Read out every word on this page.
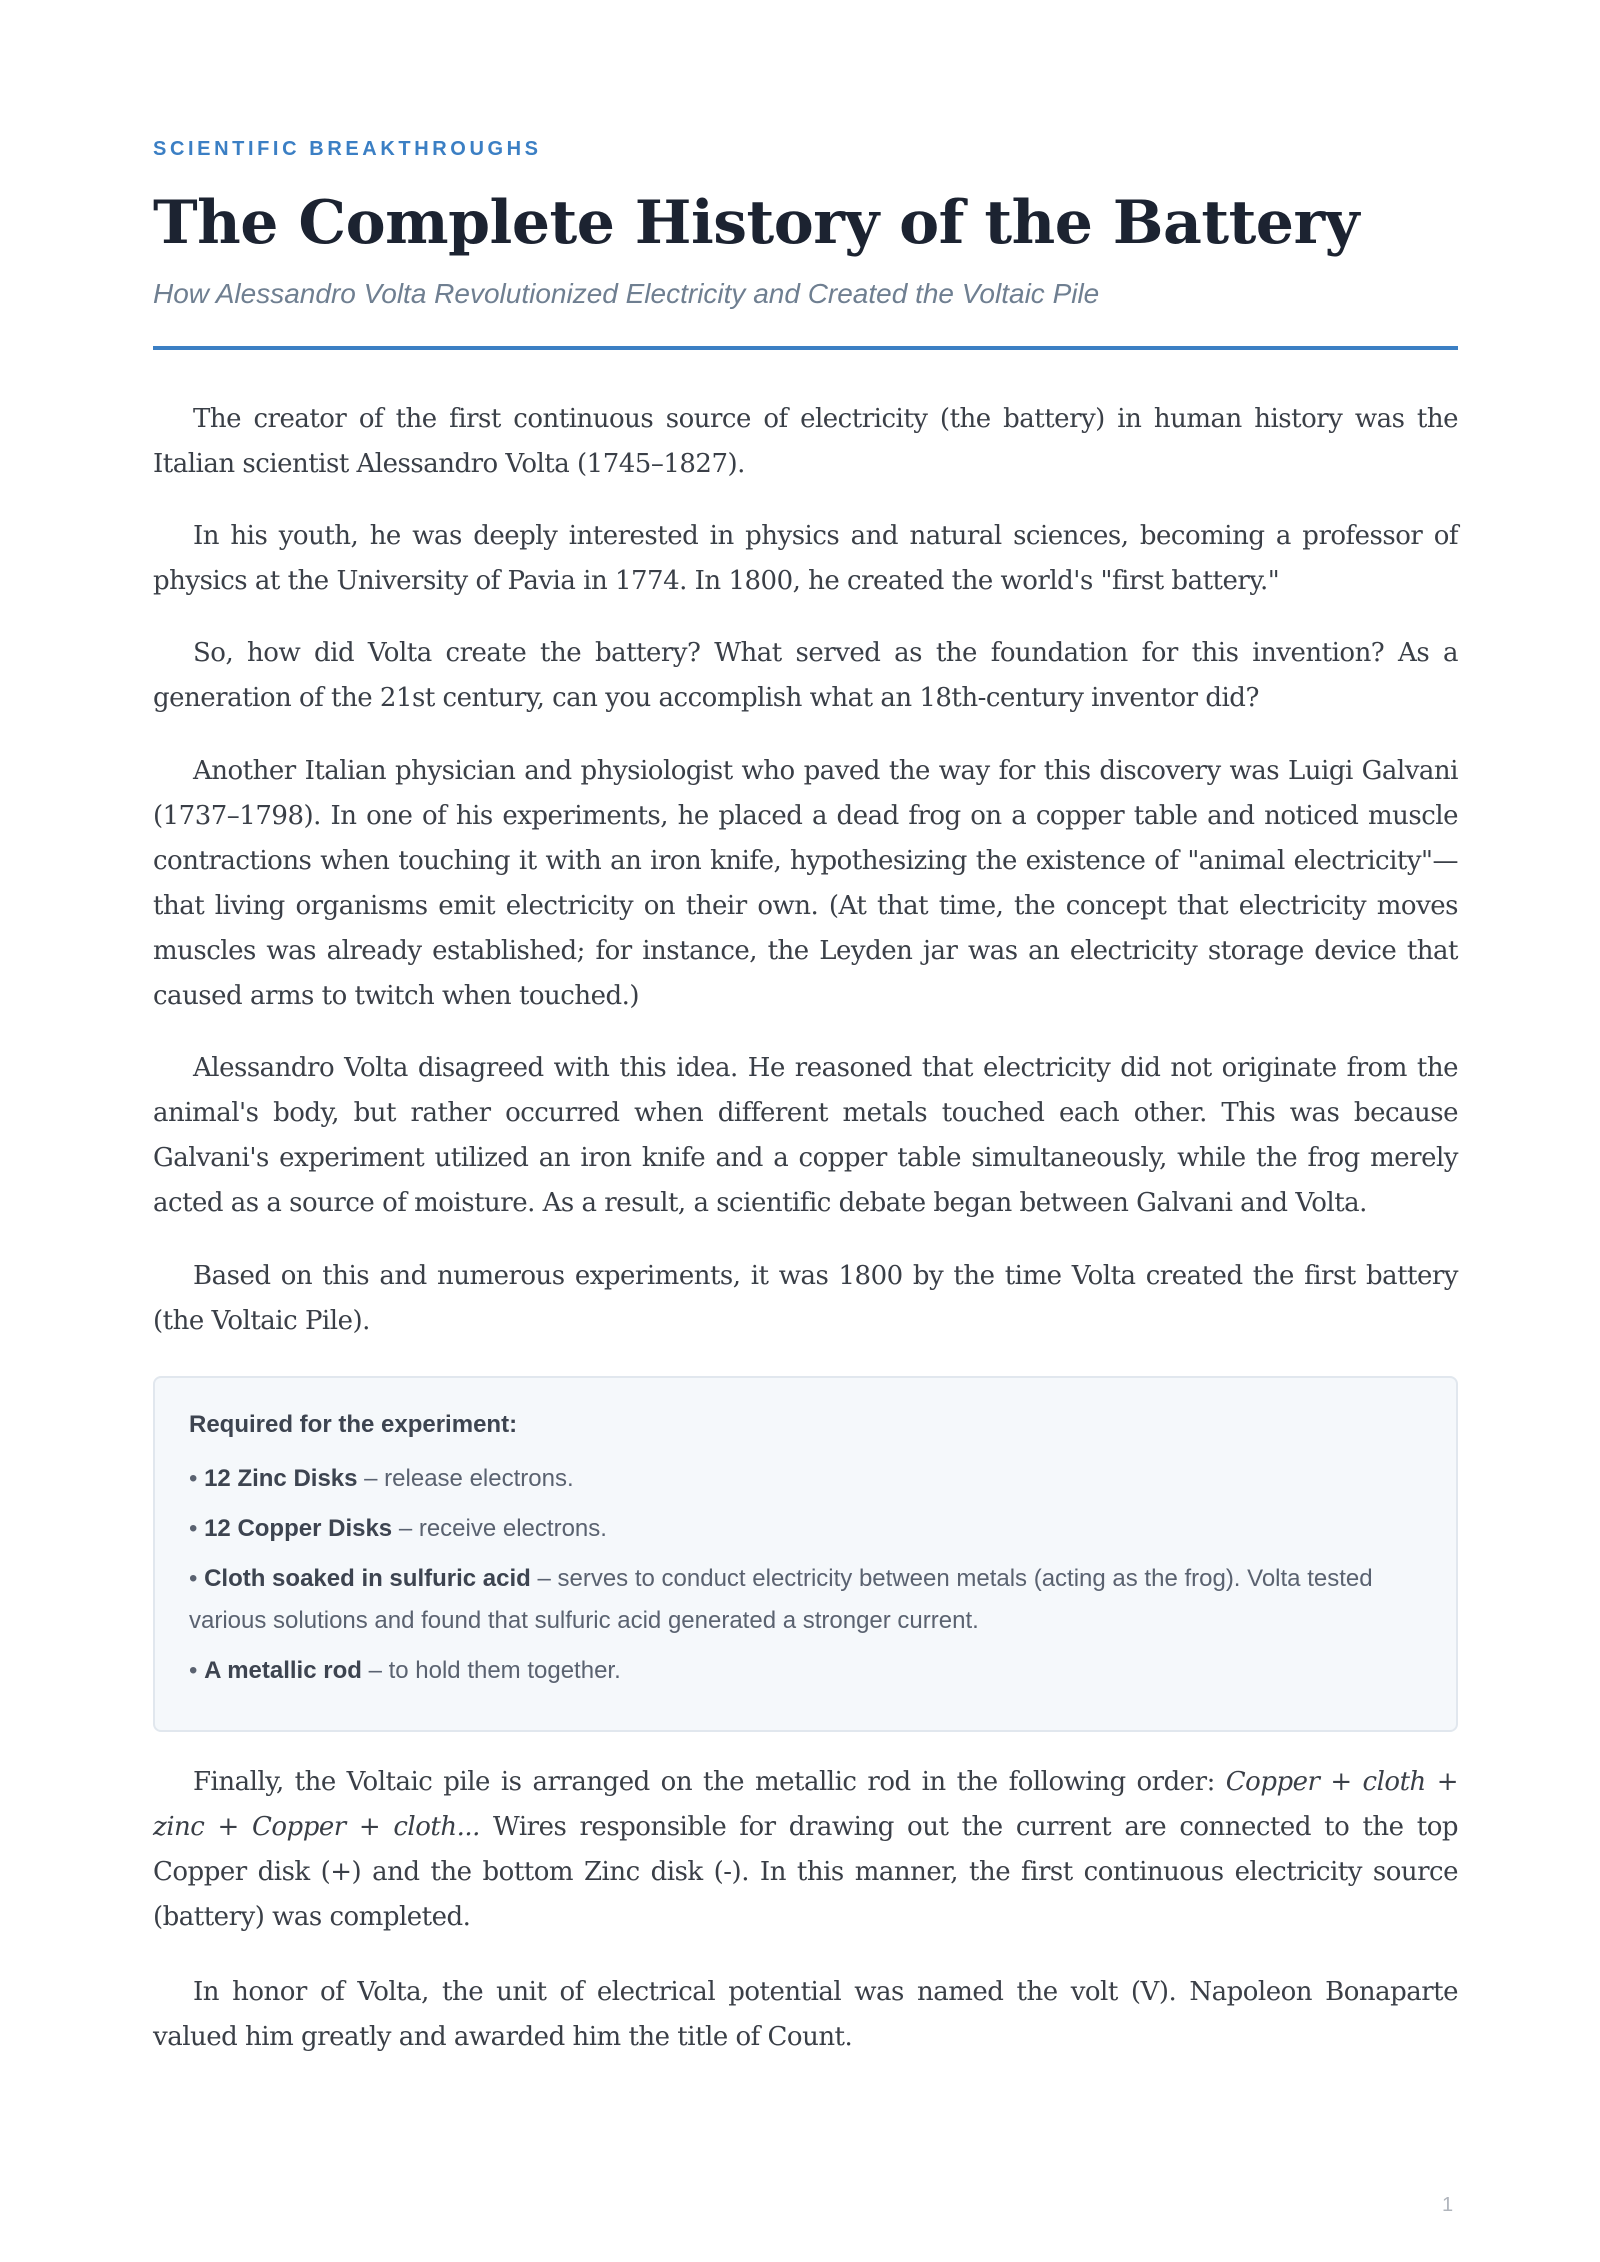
SCIENTIFIC BREAKTHROUGHS
The Complete History of the Battery
How Alessandro Volta Revolutionized Electricity and Created the Voltaic Pile

The creator of the first continuous source of electricity (the battery) in human history was the Italian scientist Alessandro Volta (1745–1827).

In his youth, he was deeply interested in physics and natural sciences, becoming a professor of physics at the University of Pavia in 1774. In 1800, he created the world's "first battery."

So, how did Volta create the battery? What served as the foundation for this invention? As a generation of the 21st century, can you accomplish what an 18th-century inventor did?

Another Italian physician and physiologist who paved the way for this discovery was Luigi Galvani (1737–1798). In one of his experiments, he placed a dead frog on a copper table and noticed muscle contractions when touching it with an iron knife, hypothesizing the existence of "animal electricity"—that living organisms emit electricity on their own. (At that time, the concept that electricity moves muscles was already established; for instance, the Leyden jar was an electricity storage device that caused arms to twitch when touched.)

Alessandro Volta disagreed with this idea. He reasoned that electricity did not originate from the animal's body, but rather occurred when different metals touched each other. This was because Galvani's experiment utilized an iron knife and a copper table simultaneously, while the frog merely acted as a source of moisture. As a result, a scientific debate began between Galvani and Volta.

Based on this and numerous experiments, it was 1800 by the time Volta created the first battery (the Voltaic Pile).

Required for the experiment:
• 12 Zinc Disks – release electrons.
• 12 Copper Disks – receive electrons.
• Cloth soaked in sulfuric acid – serves to conduct electricity between metals (acting as the frog). Volta tested various solutions and found that sulfuric acid generated a stronger current.
• A metallic rod – to hold them together.

Finally, the Voltaic pile is arranged on the metallic rod in the following order: Copper + cloth + zinc + Copper + cloth... Wires responsible for drawing out the current are connected to the top Copper disk (+) and the bottom Zinc disk (-). In this manner, the first continuous electricity source (battery) was completed.

In honor of Volta, the unit of electrical potential was named the volt (V). Napoleon Bonaparte valued him greatly and awarded him the title of Count.

1
